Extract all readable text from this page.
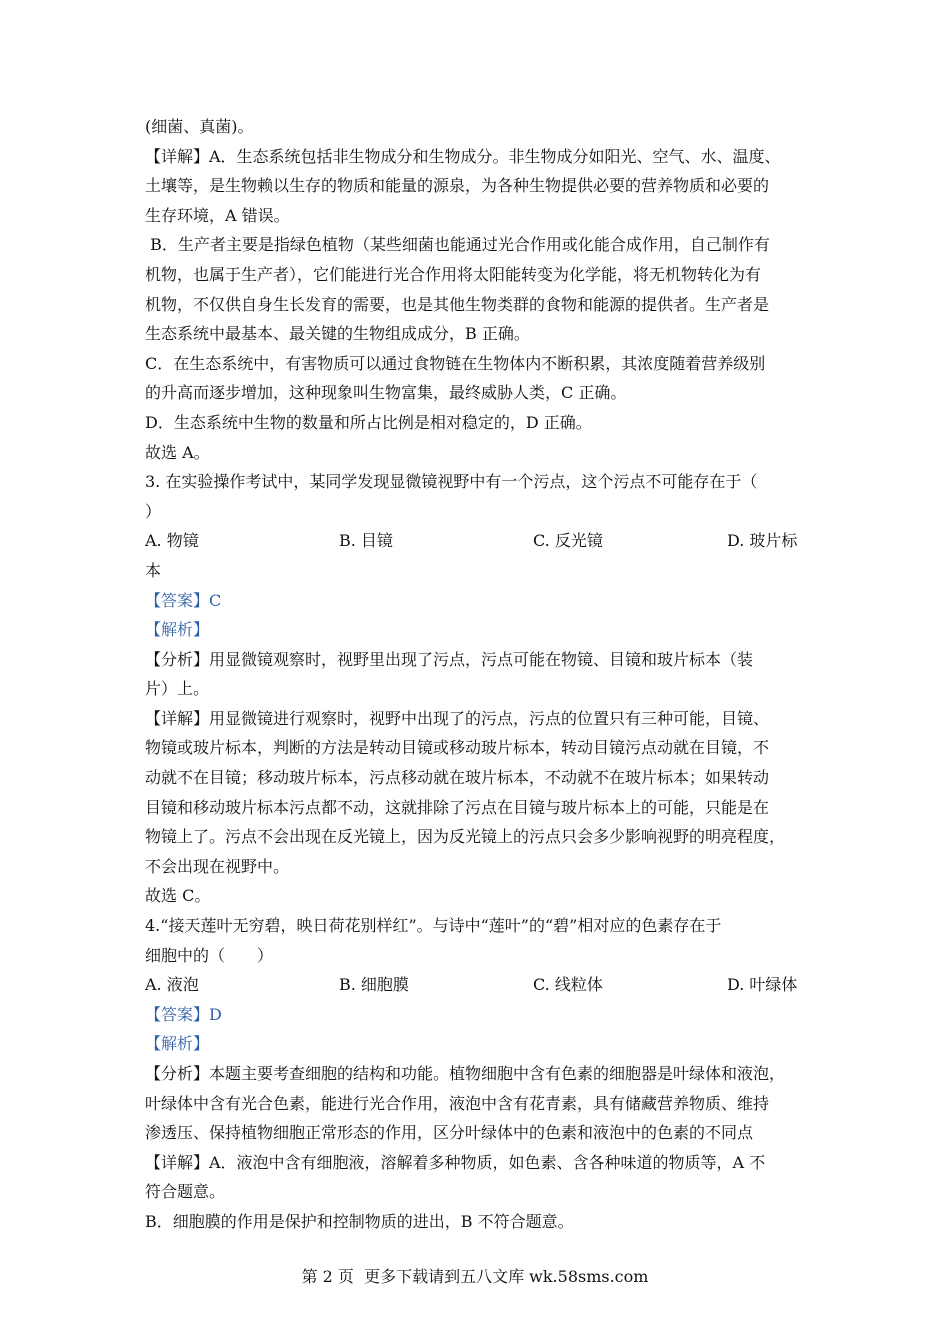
(细菌、真菌)。
【详解】A．生态系统包括非生物成分和生物成分。非生物成分如阳光、空气、水、温度、
土壤等，是生物赖以生存的物质和能量的源泉，为各种生物提供必要的营养物质和必要的
生存环境，A 错误。
B．生产者主要是指绿色植物（某些细菌也能通过光合作用或化能合成作用，自己制作有
机物，也属于生产者），它们能进行光合作用将太阳能转变为化学能，将无机物转化为有
机物，不仅供自身生长发育的需要，也是其他生物类群的食物和能源的提供者。生产者是
生态系统中最基本、最关键的生物组成成分，B 正确。
C．在生态系统中，有害物质可以通过食物链在生物体内不断积累，其浓度随着营养级别
的升高而逐步增加，这种现象叫生物富集，最终威胁人类，C 正确。
D．生态系统中生物的数量和所占比例是相对稳定的，D 正确。
故选 A。
3. 在实验操作考试中，某同学发现显微镜视野中有一个污点，这个污点不可能存在于（
）
A. 物镜	B. 目镜	C. 反光镜	D. 玻片标
本
【答案】C
【解析】
【分析】用显微镜观察时，视野里出现了污点，污点可能在物镜、目镜和玻片标本（装
片）上。
【详解】用显微镜进行观察时，视野中出现了的污点，污点的位置只有三种可能，目镜、
物镜或玻片标本，判断的方法是转动目镜或移动玻片标本，转动目镜污点动就在目镜，不
动就不在目镜；移动玻片标本，污点移动就在玻片标本，不动就不在玻片标本；如果转动
目镜和移动玻片标本污点都不动，这就排除了污点在目镜与玻片标本上的可能，只能是在
物镜上了。污点不会出现在反光镜上，因为反光镜上的污点只会多少影响视野的明亮程度，
不会出现在视野中。
故选 C。
4.“接天莲叶无穷碧，映日荷花别样红”。与诗中“莲叶”的“碧”相对应的色素存在于
细胞中的（　　）
A. 液泡	B. 细胞膜	C. 线粒体	D. 叶绿体
【答案】D
【解析】
【分析】本题主要考查细胞的结构和功能。植物细胞中含有色素的细胞器是叶绿体和液泡，
叶绿体中含有光合色素，能进行光合作用，液泡中含有花青素，具有储藏营养物质、维持
渗透压、保持植物细胞正常形态的作用，区分叶绿体中的色素和液泡中的色素的不同点
【详解】A．液泡中含有细胞液，溶解着多种物质，如色素、含各种味道的物质等，A 不
符合题意。
B．细胞膜的作用是保护和控制物质的进出，B 不符合题意。
第 2 页  更多下载请到五八文库 wk.58sms.com
